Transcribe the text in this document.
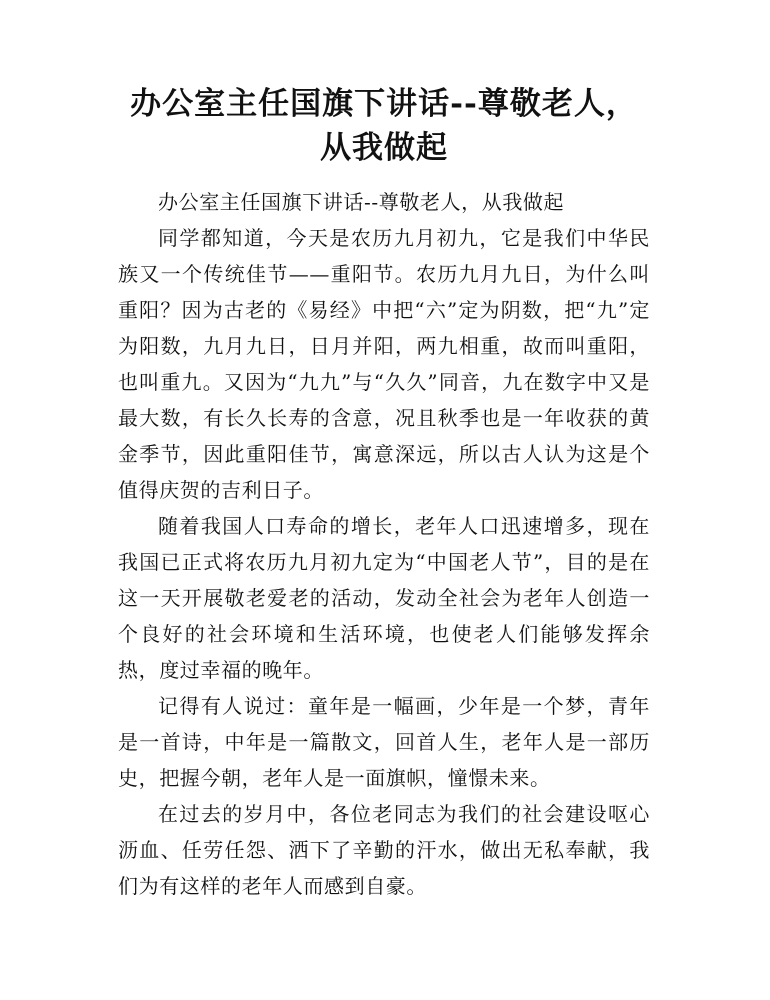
办公室主任国旗下讲话--尊敬老人，从我做起

办公室主任国旗下讲话--尊敬老人，从我做起

同学都知道，今天是农历九月初九，它是我们中华民族又一个传统佳节——重阳节。农历九月九日，为什么叫重阳？因为古老的《易经》中把“六”定为阴数，把“九”定为阳数，九月九日，日月并阳，两九相重，故而叫重阳，也叫重九。又因为“九九”与“久久”同音，九在数字中又是最大数，有长久长寿的含意，况且秋季也是一年收获的黄金季节，因此重阳佳节，寓意深远，所以古人认为这是个值得庆贺的吉利日子。

随着我国人口寿命的增长，老年人口迅速增多，现在我国已正式将农历九月初九定为“中国老人节”，目的是在这一天开展敬老爱老的活动，发动全社会为老年人创造一个良好的社会环境和生活环境，也使老人们能够发挥余热，度过幸福的晚年。

记得有人说过：童年是一幅画，少年是一个梦，青年是一首诗，中年是一篇散文，回首人生，老年人是一部历史，把握今朝，老年人是一面旗帜，憧憬未来。

在过去的岁月中，各位老同志为我们的社会建设呕心沥血、任劳任怨、洒下了辛勤的汗水，做出无私奉献，我们为有这样的老年人而感到自豪。
